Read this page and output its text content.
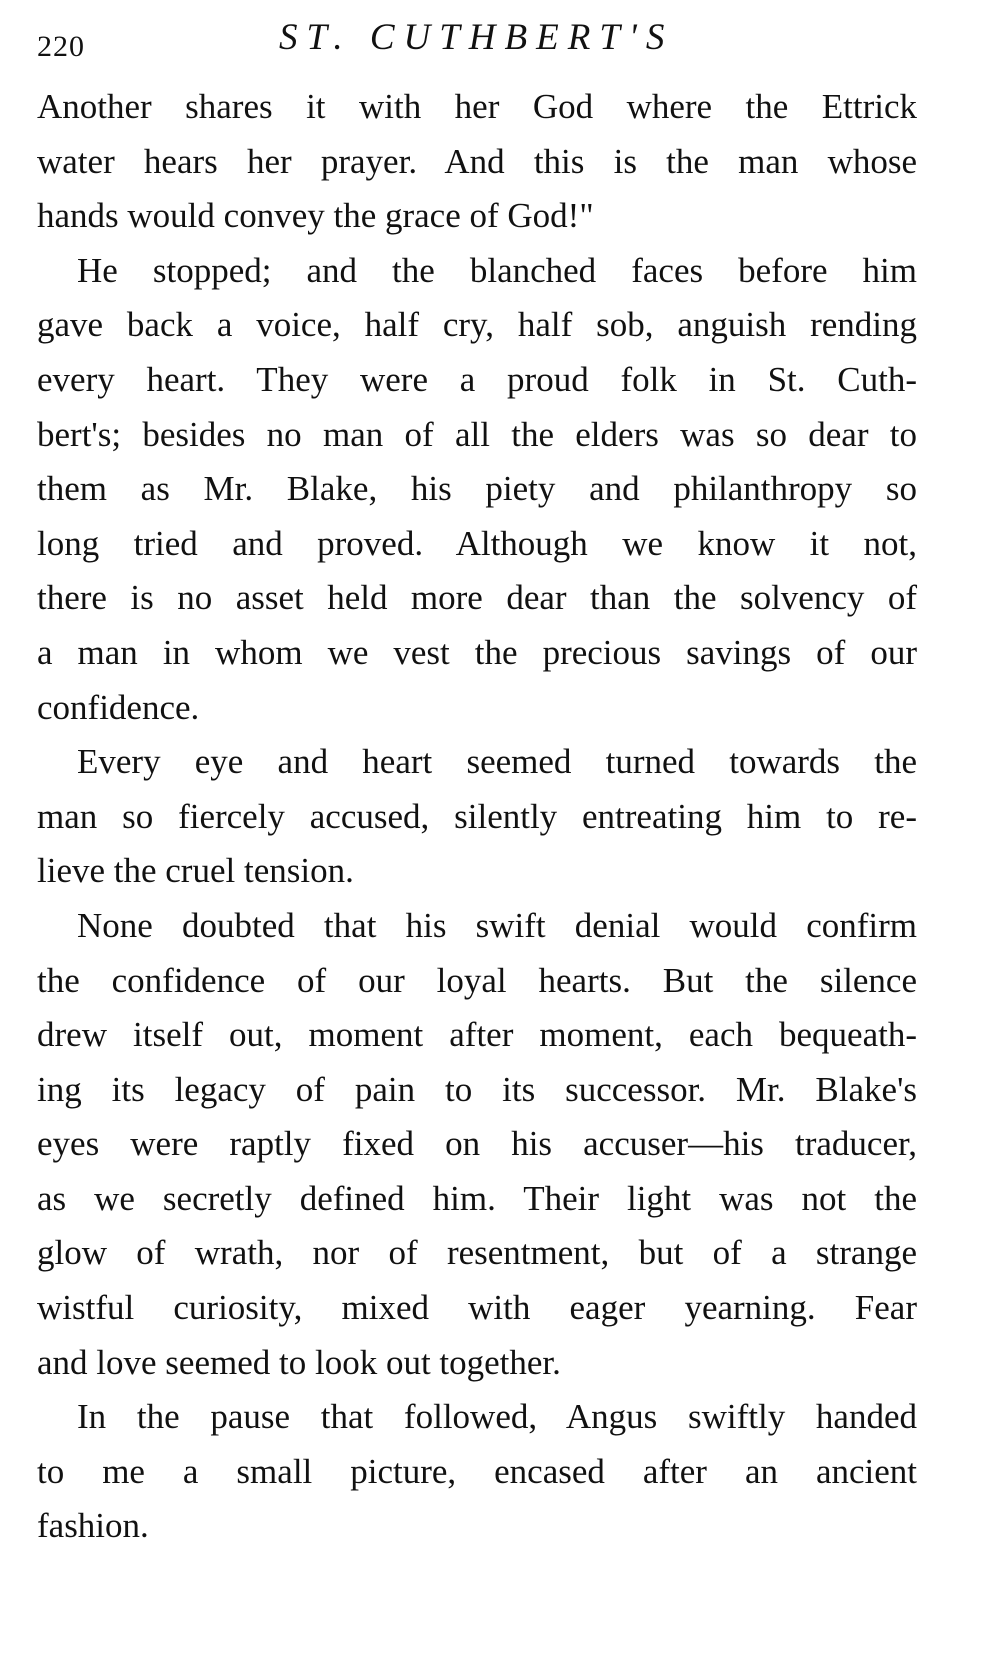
220	ST. CUTHBERT'S
Another shares it with her God where the Ettrick
water hears her prayer. And this is the man whose
hands would convey the grace of God!"
He stopped; and the blanched faces before him
gave back a voice, half cry, half sob, anguish rending
every heart. They were a proud folk in St. Cuth-
bert's; besides no man of all the elders was so dear to
them as Mr. Blake, his piety and philanthropy so
long tried and proved. Although we know it not,
there is no asset held more dear than the solvency of
a man in whom we vest the precious savings of our
confidence.
Every eye and heart seemed turned towards the
man so fiercely accused, silently entreating him to re-
lieve the cruel tension.
None doubted that his swift denial would confirm
the confidence of our loyal hearts. But the silence
drew itself out, moment after moment, each bequeath-
ing its legacy of pain to its successor. Mr. Blake's
eyes were raptly fixed on his accuser—his traducer,
as we secretly defined him. Their light was not the
glow of wrath, nor of resentment, but of a strange
wistful curiosity, mixed with eager yearning. Fear
and love seemed to look out together.
In the pause that followed, Angus swiftly handed
to me a small picture, encased after an ancient
fashion.
